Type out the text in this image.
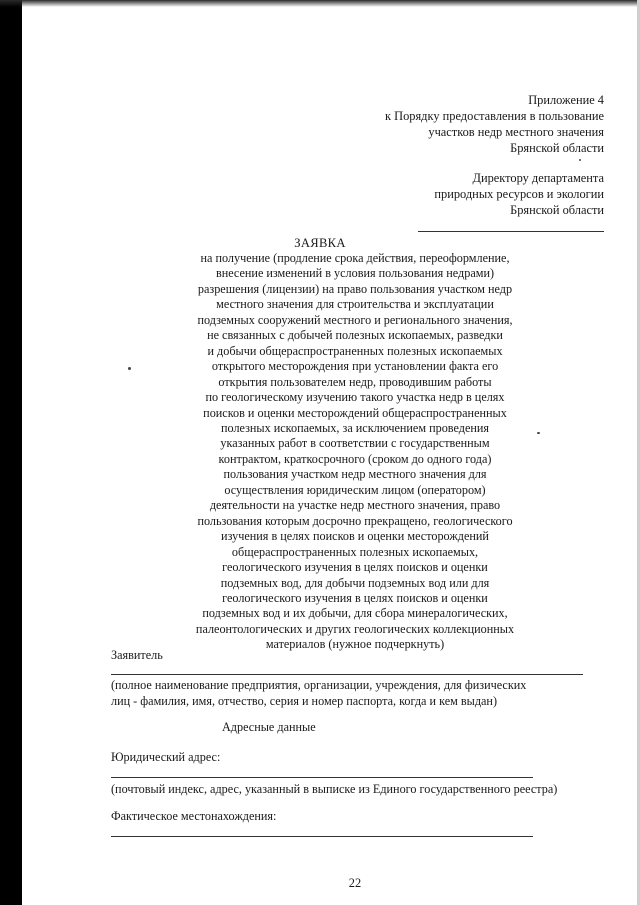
Приложение 4
к Порядку предоставления в пользование
участков недр местного значения
Брянской области
Директору департамента
природных ресурсов и экологии
Брянской области
ЗАЯВКА
на получение (продление срока действия, переоформление,
внесение изменений в условия пользования недрами)
разрешения (лицензии) на право пользования участком недр
местного значения для строительства и эксплуатации
подземных сооружений местного и регионального значения,
не связанных с добычей полезных ископаемых, разведки
и добычи общераспространенных полезных ископаемых
открытого месторождения при установлении факта его
открытия пользователем недр, проводившим работы
по геологическому изучению такого участка недр в целях
поисков и оценки месторождений общераспространенных
полезных ископаемых, за исключением проведения
указанных работ в соответствии с государственным
контрактом, краткосрочного (сроком до одного года)
пользования участком недр местного значения для
осуществления юридическим лицом (оператором)
деятельности на участке недр местного значения, право
пользования которым досрочно прекращено, геологического
изучения в целях поисков и оценки месторождений
общераспространенных полезных ископаемых,
геологического изучения в целях поисков и оценки
подземных вод, для добычи подземных вод или для
геологического изучения в целях поисков и оценки
подземных вод и их добычи, для сбора минералогических,
палеонтологических и других геологических коллекционных
материалов (нужное подчеркнуть)
Заявитель
(полное наименование предприятия, организации, учреждения, для физических
лиц - фамилия, имя, отчество, серия и номер паспорта, когда и кем выдан)
Адресные данные
Юридический адрес:
(почтовый индекс, адрес, указанный в выписке из Единого государственного реестра)
Фактическое местонахождения:
22
